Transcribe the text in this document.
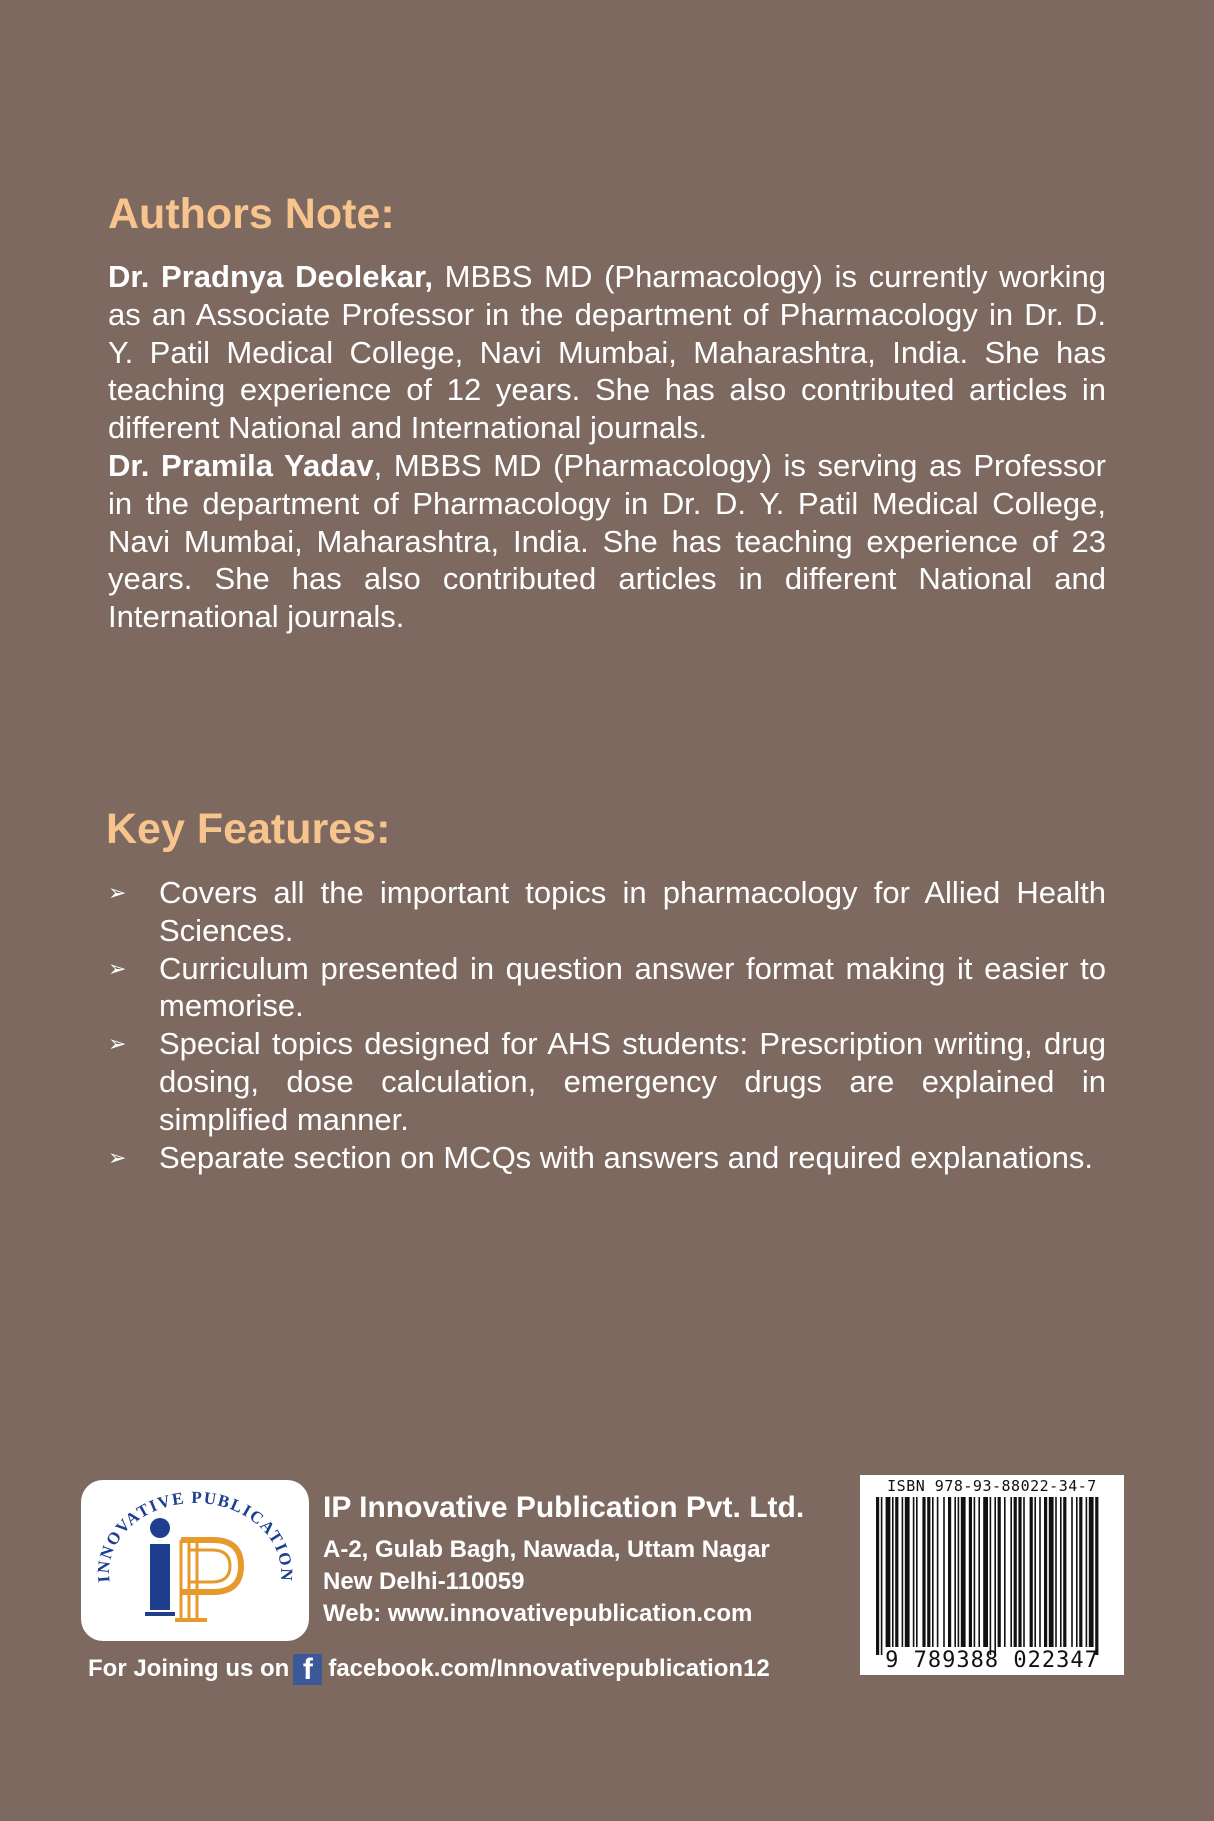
Authors Note:

Dr. Pradnya Deolekar, MBBS MD (Pharmacology) is currently working as an Associate Professor in the department of Pharmacology in Dr. D. Y. Patil Medical College, Navi Mumbai, Maharashtra, India. She has teaching experience of 12 years. She has also contributed articles in different National and International journals.

Dr. Pramila Yadav, MBBS MD (Pharmacology) is serving as Professor in the department of Pharmacology in Dr. D. Y. Patil Medical College, Navi Mumbai, Maharashtra, India. She has teaching experience of 23 years. She has also contributed articles in different National and International journals.

Key Features:
➢ Covers all the important topics in pharmacology for Allied Health Sciences.
➢ Curriculum presented in question answer format making it easier to memorise.
➢ Special topics designed for AHS students: Prescription writing, drug dosing, dose calculation, emergency drugs are explained in simplified manner.
➢ Separate section on MCQs with answers and required explanations.
INNOVATIVE PUBLICATION

IP Innovative Publication Pvt. Ltd.

A-2, Gulab Bagh, Nawada, Uttam Nagar

New Delhi-110059

Web: www.innovativepublication.com

For Joining us on f facebook.com/Innovativepublication12
ISBN 978-93-88022-34-7
9 789388 022347
